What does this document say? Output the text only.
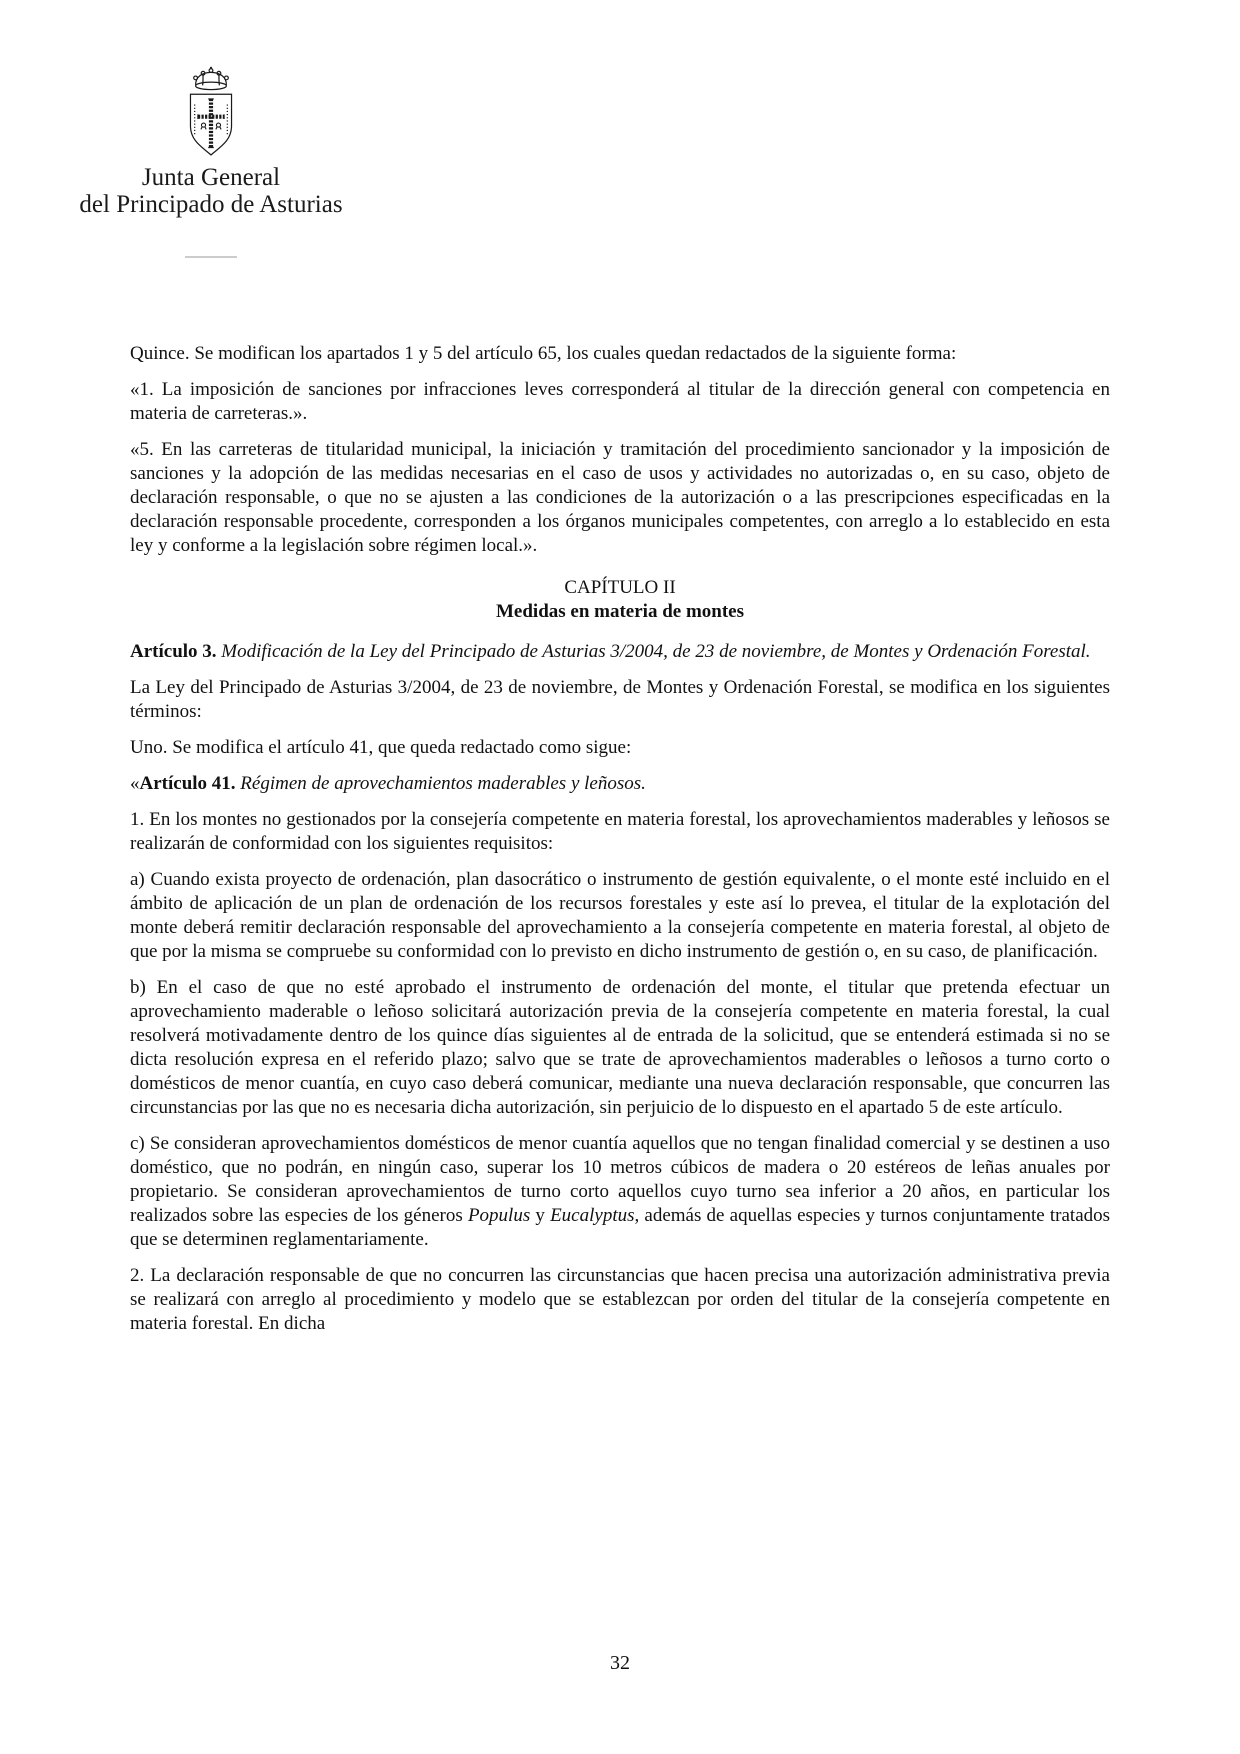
Junta General
del Principado de Asturias

Quince. Se modifican los apartados 1 y 5 del artículo 65, los cuales quedan redactados de la siguiente forma:

«1. La imposición de sanciones por infracciones leves corresponderá al titular de la dirección general con competencia en materia de carreteras.».

«5. En las carreteras de titularidad municipal, la iniciación y tramitación del procedimiento sancionador y la imposición de sanciones y la adopción de las medidas necesarias en el caso de usos y actividades no autorizadas o, en su caso, objeto de declaración responsable, o que no se ajusten a las condiciones de la autorización o a las prescripciones especificadas en la declaración responsable procedente, corresponden a los órganos municipales competentes, con arreglo a lo establecido en esta ley y conforme a la legislación sobre régimen local.».

CAPÍTULO II
Medidas en materia de montes

Artículo 3. Modificación de la Ley del Principado de Asturias 3/2004, de 23 de noviembre, de Montes y Ordenación Forestal.

La Ley del Principado de Asturias 3/2004, de 23 de noviembre, de Montes y Ordenación Forestal, se modifica en los siguientes términos:

Uno. Se modifica el artículo 41, que queda redactado como sigue:

«Artículo 41. Régimen de aprovechamientos maderables y leñosos.

1. En los montes no gestionados por la consejería competente en materia forestal, los aprovechamientos maderables y leñosos se realizarán de conformidad con los siguientes requisitos:

a) Cuando exista proyecto de ordenación, plan dasocrático o instrumento de gestión equivalente, o el monte esté incluido en el ámbito de aplicación de un plan de ordenación de los recursos forestales y este así lo prevea, el titular de la explotación del monte deberá remitir declaración responsable del aprovechamiento a la consejería competente en materia forestal, al objeto de que por la misma se compruebe su conformidad con lo previsto en dicho instrumento de gestión o, en su caso, de planificación.

b) En el caso de que no esté aprobado el instrumento de ordenación del monte, el titular que pretenda efectuar un aprovechamiento maderable o leñoso solicitará autorización previa de la consejería competente en materia forestal, la cual resolverá motivadamente dentro de los quince días siguientes al de entrada de la solicitud, que se entenderá estimada si no se dicta resolución expresa en el referido plazo; salvo que se trate de aprovechamientos maderables o leñosos a turno corto o domésticos de menor cuantía, en cuyo caso deberá comunicar, mediante una nueva declaración responsable, que concurren las circunstancias por las que no es necesaria dicha autorización, sin perjuicio de lo dispuesto en el apartado 5 de este artículo.

c) Se consideran aprovechamientos domésticos de menor cuantía aquellos que no tengan finalidad comercial y se destinen a uso doméstico, que no podrán, en ningún caso, superar los 10 metros cúbicos de madera o 20 estéreos de leñas anuales por propietario. Se consideran aprovechamientos de turno corto aquellos cuyo turno sea inferior a 20 años, en particular los realizados sobre las especies de los géneros Populus y Eucalyptus, además de aquellas especies y turnos conjuntamente tratados que se determinen reglamentariamente.

2. La declaración responsable de que no concurren las circunstancias que hacen precisa una autorización administrativa previa se realizará con arreglo al procedimiento y modelo que se establezcan por orden del titular de la consejería competente en materia forestal. En dicha

32
